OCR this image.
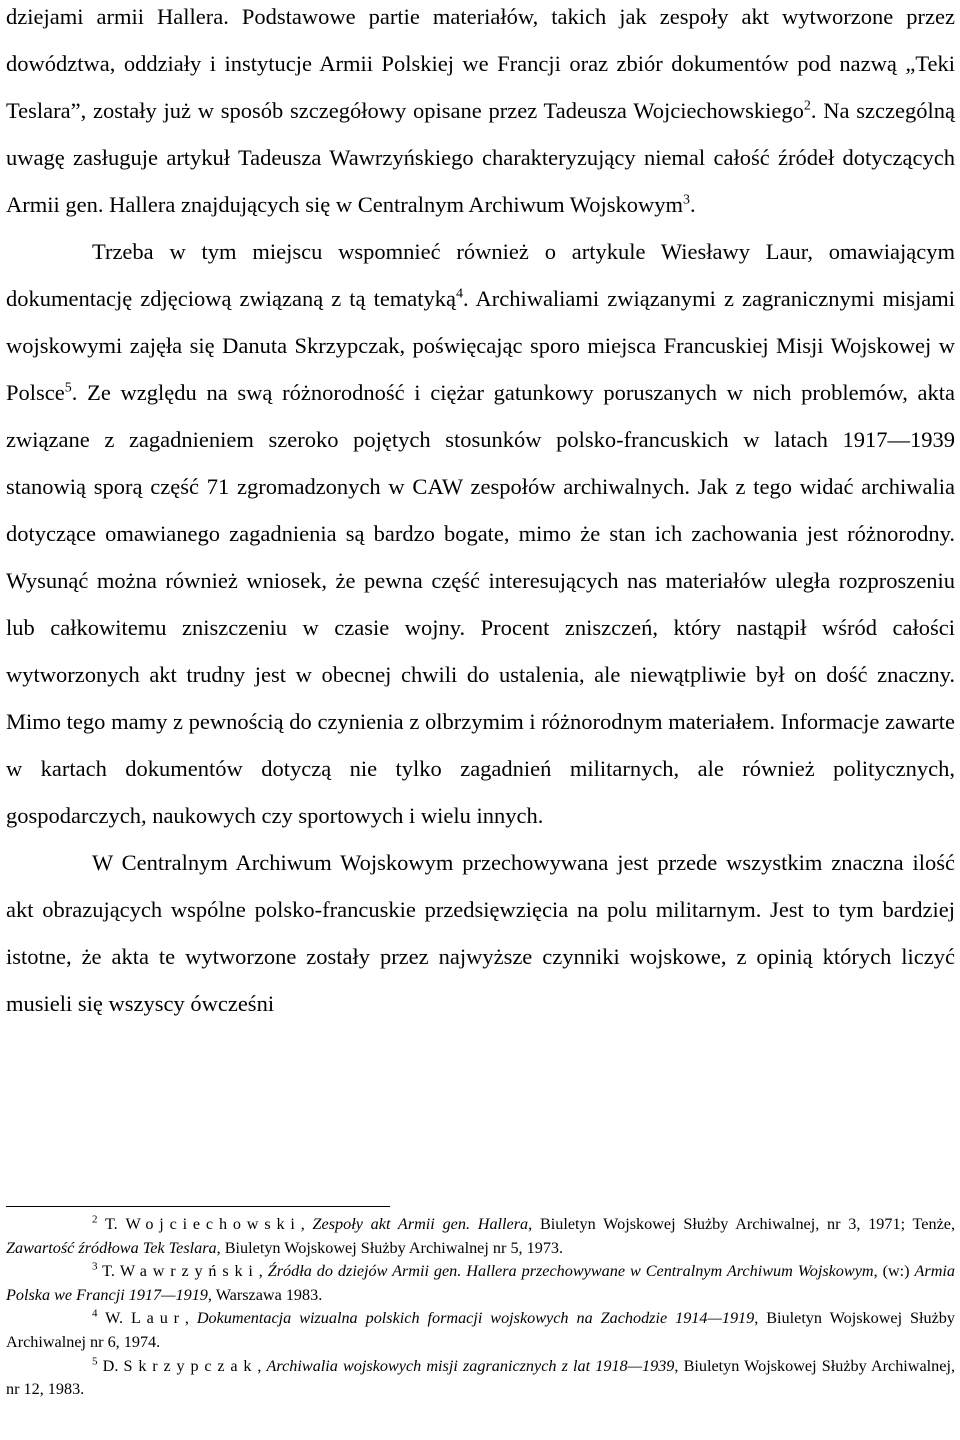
dziejami armii Hallera. Podstawowe partie materiałów, takich jak zespoły akt wytworzone przez dowództwa, oddziały i instytucje Armii Polskiej we Francji oraz zbiór dokumentów pod nazwą „Teki Teslara”, zostały już w sposób szczegółowy opisane przez Tadeusza Wojciechowskiego$^2$. Na szczególną uwagę zasługuje artykuł Tadeusza Wawrzyńskiego charakteryzujący niemal całość źródeł dotyczących Armii gen. Hallera znajdujących się w Centralnym Archiwum Wojskowym$^3$.

Trzeba w tym miejscu wspomnieć również o artykule Wiesławy Laur, omawiającym dokumentację zdjęciową związaną z tą tematyką$^4$. Archiwaliami związanymi z zagranicznymi misjami wojskowymi zajęła się Danuta Skrzypczak, poświęcając sporo miejsca Francuskiej Misji Wojskowej w Polsce$^5$. Ze względu na swą różnorodność i ciężar gatunkowy poruszanych w nich problemów, akta związane z zagadnieniem szeroko pojętych stosunków polsko-francuskich w latach 1917—1939 stanowią sporą część 71 zgromadzonych w CAW zespołów archiwalnych. Jak z tego widać archiwalia dotyczące omawianego zagadnienia są bardzo bogate, mimo że stan ich zachowania jest różnorodny. Wysunąć można również wniosek, że pewna część interesujących nas materiałów uległa rozproszeniu lub całkowitemu zniszczeniu w czasie wojny. Procent zniszczeń, który nastąpił wśród całości wytworzonych akt trudny jest w obecnej chwili do ustalenia, ale niewątpliwie był on dość znaczny. Mimo tego mamy z pewnością do czynienia z olbrzymim i różnorodnym materiałem. Informacje zawarte w kartach dokumentów dotyczą nie tylko zagadnień militarnych, ale również politycznych, gospodarczych, naukowych czy sportowych i wielu innych.

W Centralnym Archiwum Wojskowym przechowywana jest przede wszystkim znaczna ilość akt obrazujących wspólne polsko-francuskie przedsięwzięcia na polu militarnym. Jest to tym bardziej istotne, że akta te wytworzone zostały przez najwyższe czynniki wojskowe, z opinią których liczyć musieli się wszyscy ówcześni

$^2$ T. Wojciechowski, Zespoły akt Armii gen. Hallera, Biuletyn Wojskowej Służby Archiwalnej, nr 3, 1971; Tenże, Zawartość źródłowa Tek Teslara, Biuletyn Wojskowej Służby Archiwalnej nr 5, 1973.

$^3$ T. Wawrzyński, Źródła do dziejów Armii gen. Hallera przechowywane w Centralnym Archiwum Wojskowym, (w:) Armia Polska we Francji 1917—1919, Warszawa 1983.

$^4$ W. Laur, Dokumentacja wizualna polskich formacji wojskowych na Zachodzie 1914—1919, Biuletyn Wojskowej Służby Archiwalnej nr 6, 1974.

$^5$ D. Skrzypczak, Archiwalia wojskowych misji zagranicznych z lat 1918—1939, Biuletyn Wojskowej Służby Archiwalnej, nr 12, 1983.
